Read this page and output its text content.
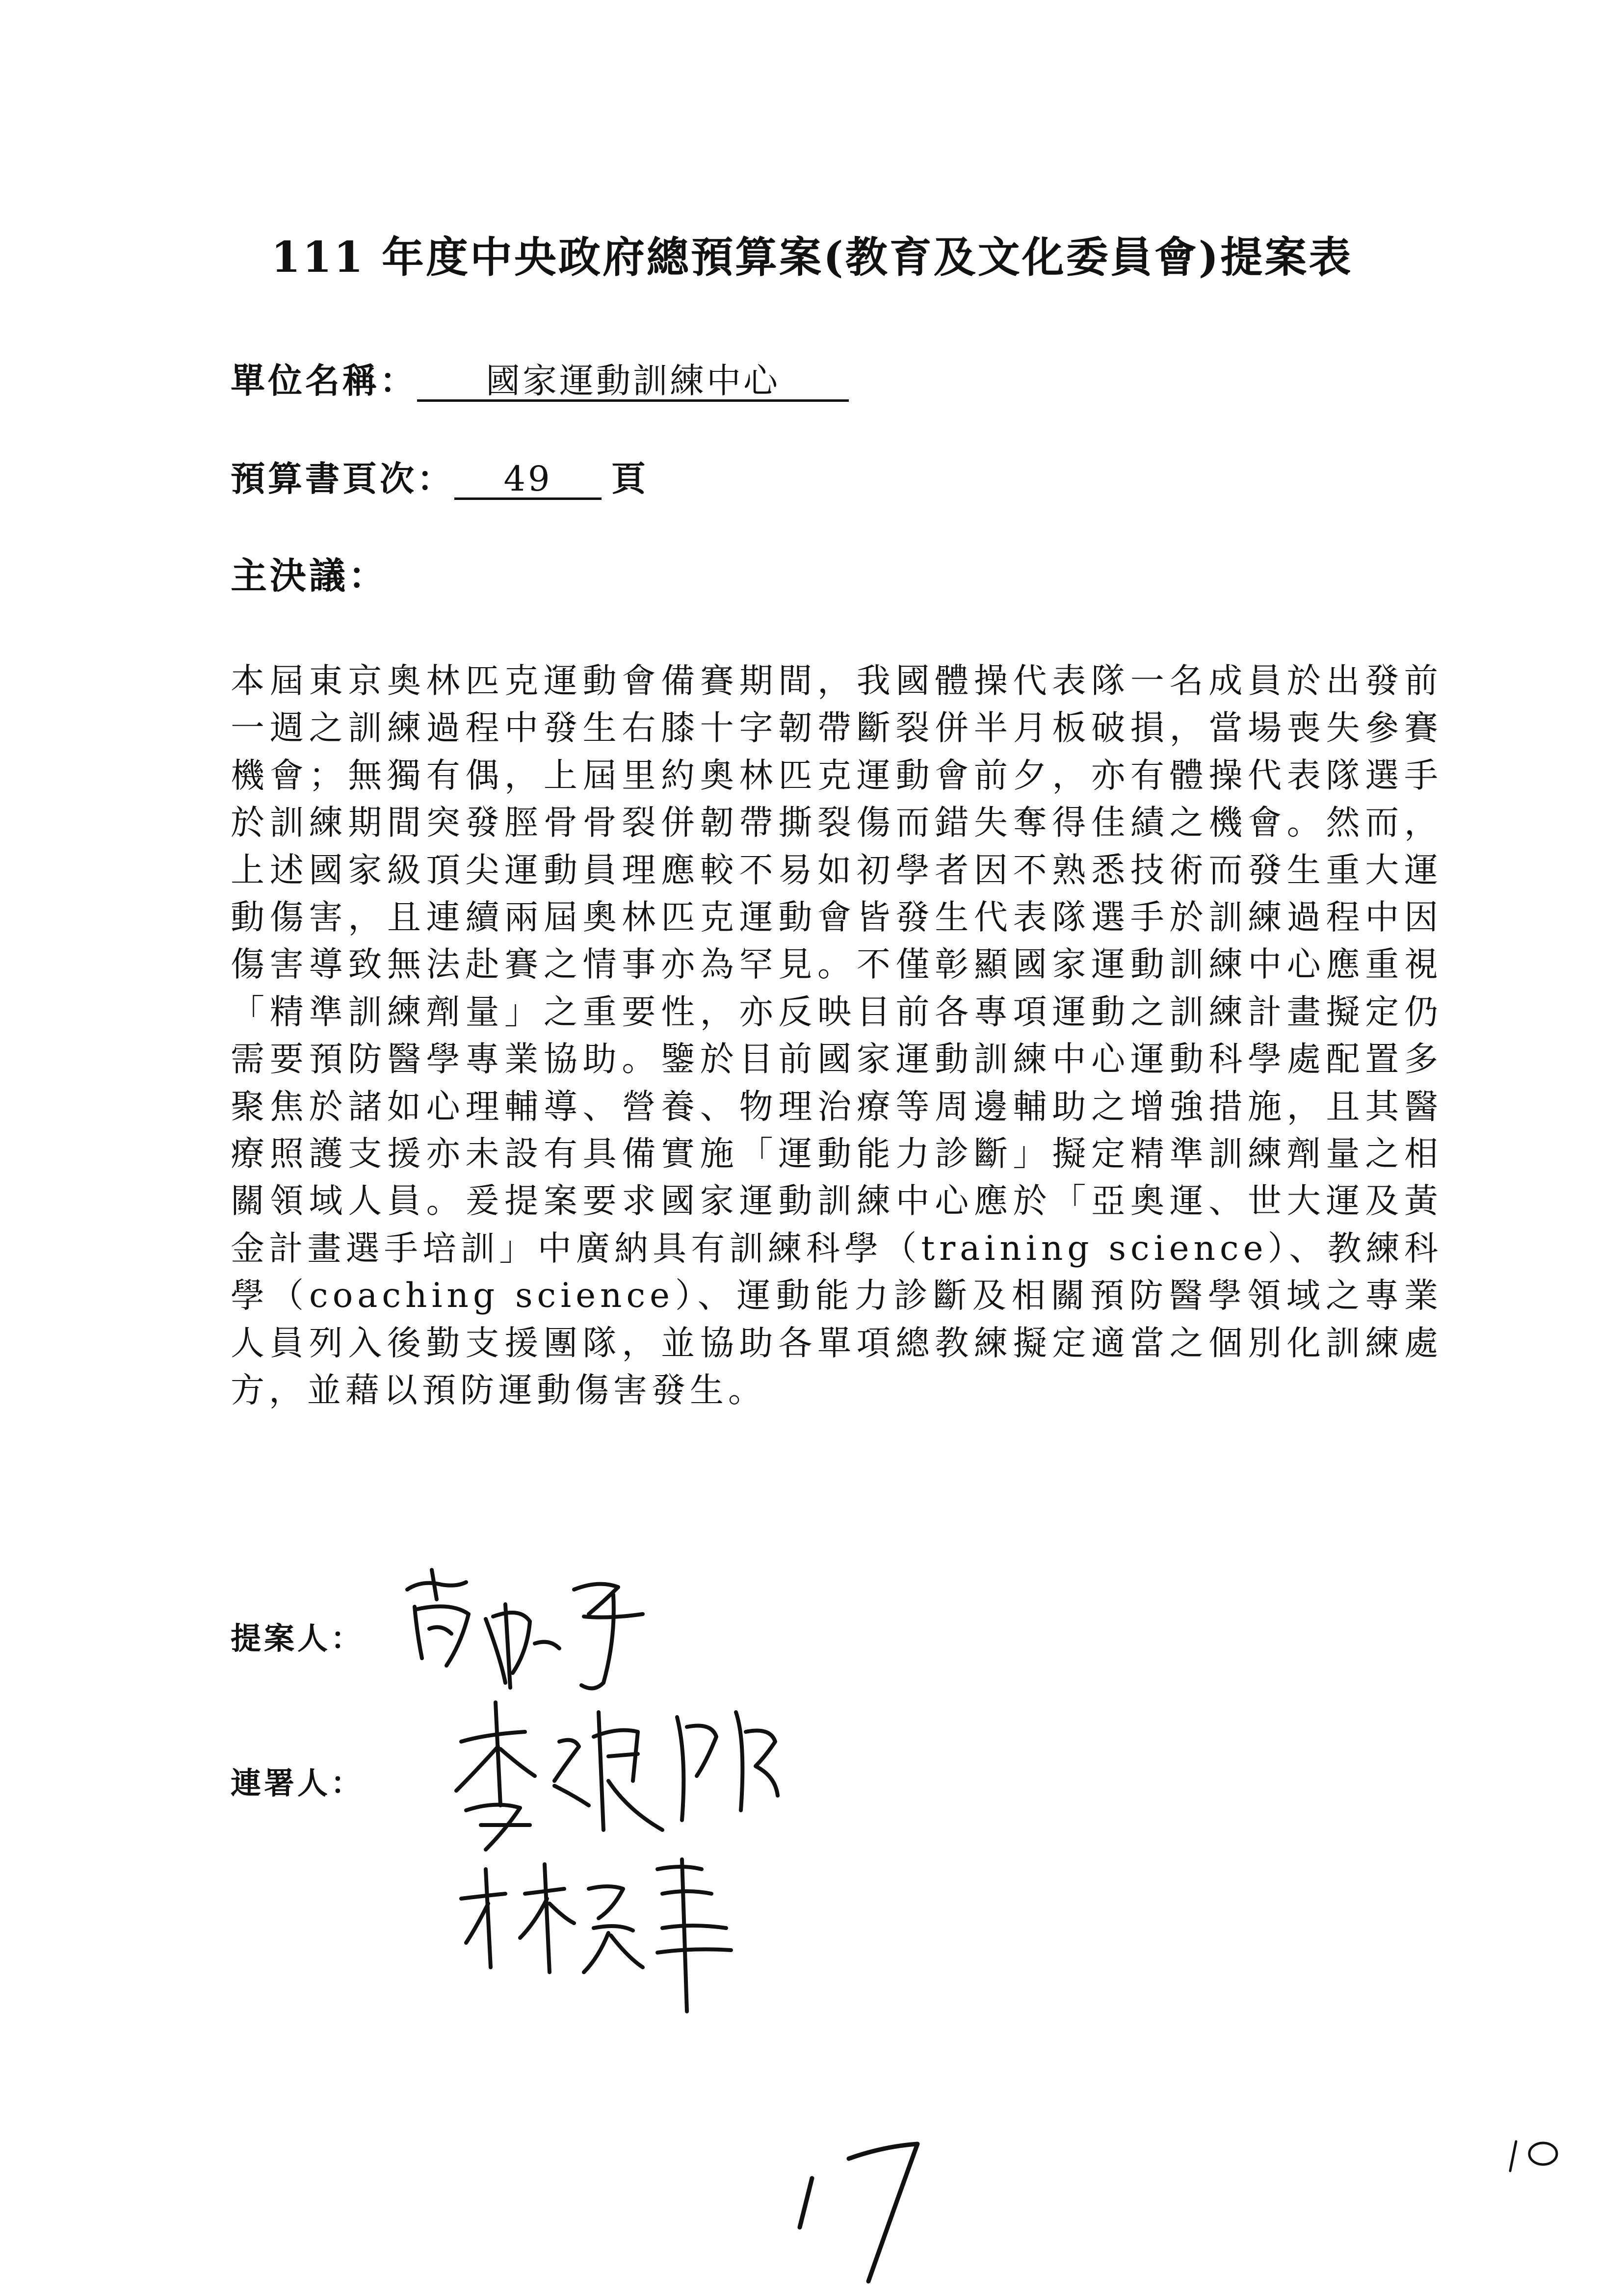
111 年度中央政府總預算案(教育及文化委員會)提案表
單位名稱： 國家運動訓練中心
預算書頁次： 49 頁
主決議：

本屆東京奧林匹克運動會備賽期間，我國體操代表隊一名成員於出發前一週之訓練過程中發生右膝十字韌帶斷裂併半月板破損，當場喪失參賽機會；無獨有偶，上屆里約奧林匹克運動會前夕，亦有體操代表隊選手於訓練期間突發脛骨骨裂併韌帶撕裂傷而錯失奪得佳績之機會。然而，上述國家級頂尖運動員理應較不易如初學者因不熟悉技術而發生重大運動傷害，且連續兩屆奧林匹克運動會皆發生代表隊選手於訓練過程中因傷害導致無法赴賽之情事亦為罕見。不僅彰顯國家運動訓練中心應重視「精準訓練劑量」之重要性，亦反映目前各專項運動之訓練計畫擬定仍需要預防醫學專業協助。鑒於目前國家運動訓練中心運動科學處配置多聚焦於諸如心理輔導、營養、物理治療等周邊輔助之增強措施，且其醫療照護支援亦未設有具備實施「運動能力診斷」擬定精準訓練劑量之相關領域人員。爰提案要求國家運動訓練中心應於「亞奧運、世大運及黃金計畫選手培訓」中廣納具有訓練科學（training science）、教練科學（coaching science）、運動能力診斷及相關預防醫學領域之專業人員列入後勤支援團隊，並協助各單項總教練擬定適當之個別化訓練處方，並藉以預防運動傷害發生。

提案人：
連署人：
